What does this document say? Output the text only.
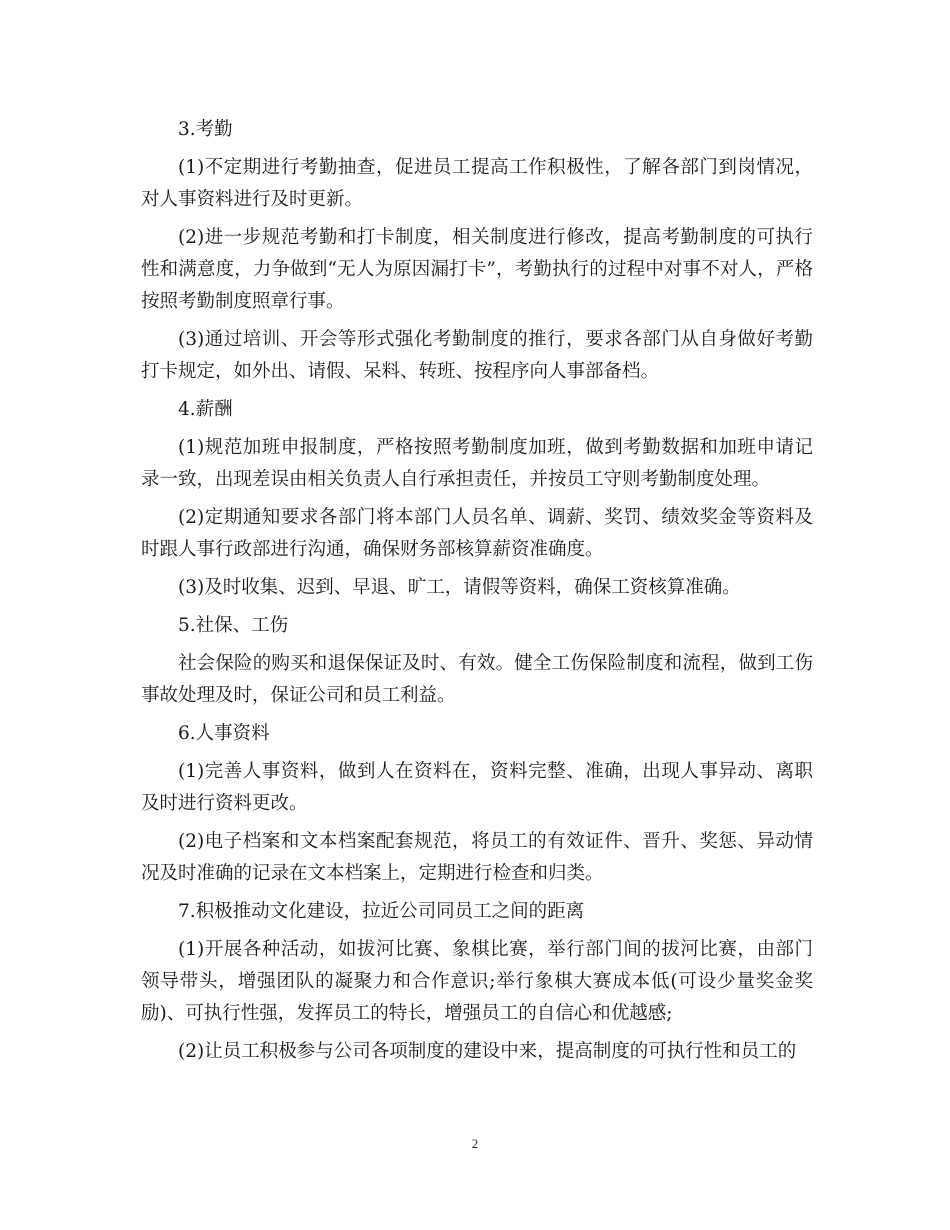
3.考勤

(1)不定期进行考勤抽查，促进员工提高工作积极性，了解各部门到岗情况，对人事资料进行及时更新。

(2)进一步规范考勤和打卡制度，相关制度进行修改，提高考勤制度的可执行性和满意度，力争做到“无人为原因漏打卡”，考勤执行的过程中对事不对人，严格按照考勤制度照章行事。

(3)通过培训、开会等形式强化考勤制度的推行，要求各部门从自身做好考勤打卡规定，如外出、请假、呆料、转班、按程序向人事部备档。

4.薪酬

(1)规范加班申报制度，严格按照考勤制度加班，做到考勤数据和加班申请记录一致，出现差误由相关负责人自行承担责任，并按员工守则考勤制度处理。

(2)定期通知要求各部门将本部门人员名单、调薪、奖罚、绩效奖金等资料及时跟人事行政部进行沟通，确保财务部核算薪资准确度。

(3)及时收集、迟到、早退、旷工，请假等资料，确保工资核算准确。

5.社保、工伤

社会保险的购买和退保保证及时、有效。健全工伤保险制度和流程，做到工伤事故处理及时，保证公司和员工利益。

6.人事资料

(1)完善人事资料，做到人在资料在，资料完整、准确，出现人事异动、离职及时进行资料更改。

(2)电子档案和文本档案配套规范，将员工的有效证件、晋升、奖惩、异动情况及时准确的记录在文本档案上，定期进行检查和归类。

7.积极推动文化建设，拉近公司同员工之间的距离

(1)开展各种活动，如拔河比赛、象棋比赛，举行部门间的拔河比赛，由部门领导带头，增强团队的凝聚力和合作意识;举行象棋大赛成本低(可设少量奖金奖励)、可执行性强，发挥员工的特长，增强员工的自信心和优越感;

(2)让员工积极参与公司各项制度的建设中来，提高制度的可执行性和员工的

2
